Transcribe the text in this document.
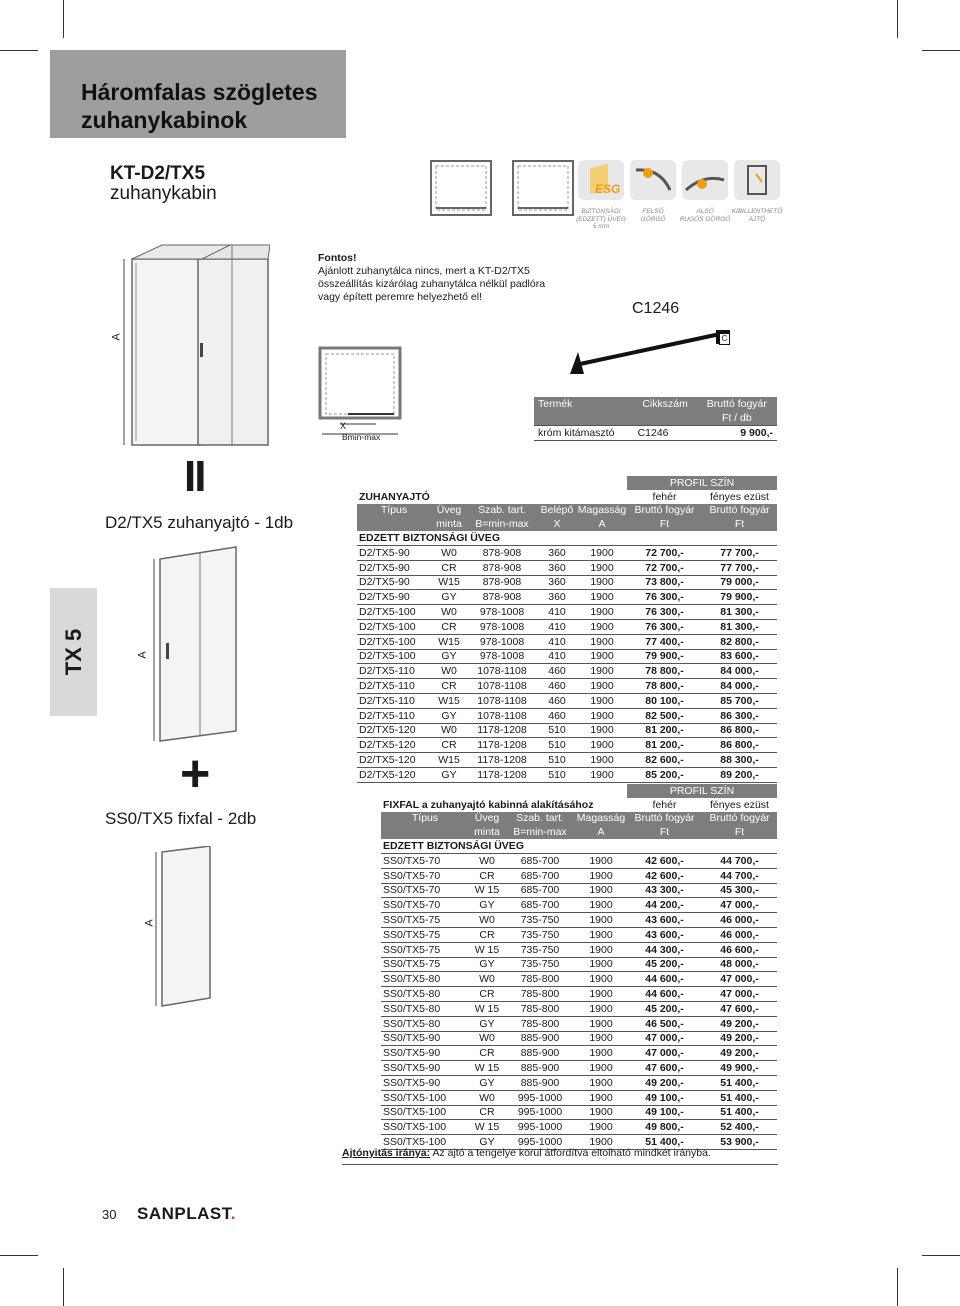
Háromfalas szögletes
zuhanykabinok
KT-D2/TX5
zuhanykabin	ESG
BIZTONSÁGI
(EDZETT) ÜVEG
5 mm
FELSŐ
GÖRGŐ
ALSÓ
RUGÓS GÖRGŐ
KIBILLENTHETŐ
AJTÓ
A
Fontos!
Ajánlott zuhanytálca nincs, mert a KT-D2/TX5
összeállítás kizárólag zuhanytálca nélkül padlóra
vagy épített peremre helyezhető el!
C1246
C
X
Bmin-max
Termék	Cikkszám	Bruttó fogyár
		Ft / db
króm kitámasztó	C1246	9 900,-
II
D2/TX5 zuhanyajtó - 1db
A
TX 5
					PROFIL SZÍN	
ZUHANYAJTÓ					fehér	fényes ezüst
Típus	Üveg	Szab. tart.	Belépő	Magasság	Bruttó fogyár	Bruttó fogyár
	minta	B=min-max	X	A	Ft	Ft
EDZETT BIZTONSÁGI ÜVEG						
D2/TX5-90	W0	878-908	360	1900	72 700,-	77 700,-
D2/TX5-90	CR	878-908	360	1900	72 700,-	77 700,-
D2/TX5-90	W15	878-908	360	1900	73 800,-	79 000,-
D2/TX5-90	GY	878-908	360	1900	76 300,-	79 900,-
D2/TX5-100	W0	978-1008	410	1900	76 300,-	81 300,-
D2/TX5-100	CR	978-1008	410	1900	76 300,-	81 300,-
D2/TX5-100	W15	978-1008	410	1900	77 400,-	82 800,-
D2/TX5-100	GY	978-1008	410	1900	79 900,-	83 600,-
D2/TX5-110	W0	1078-1108	460	1900	78 800,-	84 000,-
D2/TX5-110	CR	1078-1108	460	1900	78 800,-	84 000,-
D2/TX5-110	W15	1078-1108	460	1900	80 100,-	85 700,-
D2/TX5-110	GY	1078-1108	460	1900	82 500,-	86 300,-
D2/TX5-120	W0	1178-1208	510	1900	81 200,-	86 800,-
D2/TX5-120	CR	1178-1208	510	1900	81 200,-	86 800,-
D2/TX5-120	W15	1178-1208	510	1900	82 600,-	88 300,-
D2/TX5-120	GY	1178-1208	510	1900	85 200,-	89 200,-
+
SS0/TX5 fixfal - 2db
A
				PROFIL SZÍN	
FIXFAL a zuhanyajtó kabinná alakításához				fehér	fényes ezüst
Típus	Üveg	Szab. tart.	Magasság	Bruttó fogyár	Bruttó fogyár
	minta	B=min-max	A	Ft	Ft
EDZETT BIZTONSÁGI ÜVEG					
SS0/TX5-70	W0	685-700	1900	42 600,-	44 700,-
SS0/TX5-70	CR	685-700	1900	42 600,-	44 700,-
SS0/TX5-70	W 15	685-700	1900	43 300,-	45 300,-
SS0/TX5-70	GY	685-700	1900	44 200,-	47 000,-
SS0/TX5-75	W0	735-750	1900	43 600,-	46 000,-
SS0/TX5-75	CR	735-750	1900	43 600,-	46 000,-
SS0/TX5-75	W 15	735-750	1900	44 300,-	46 600,-
SS0/TX5-75	GY	735-750	1900	45 200,-	48 000,-
SS0/TX5-80	W0	785-800	1900	44 600,-	47 000,-
SS0/TX5-80	CR	785-800	1900	44 600,-	47 000,-
SS0/TX5-80	W 15	785-800	1900	45 200,-	47 600,-
SS0/TX5-80	GY	785-800	1900	46 500,-	49 200,-
SS0/TX5-90	W0	885-900	1900	47 000,-	49 200,-
SS0/TX5-90	CR	885-900	1900	47 000,-	49 200,-
SS0/TX5-90	W 15	885-900	1900	47 600,-	49 900,-
SS0/TX5-90	GY	885-900	1900	49 200,-	51 400,-
SS0/TX5-100	W0	995-1000	1900	49 100,-	51 400,-
SS0/TX5-100	CR	995-1000	1900	49 100,-	51 400,-
SS0/TX5-100	W 15	995-1000	1900	49 800,-	52 400,-
SS0/TX5-100	GY	995-1000	1900	51 400,-	53 900,-
Ajtónyitás iránya: Az ajtó a tengelye körül átfordítva eltolható mindkét irányba.
30 SANPLAST.
